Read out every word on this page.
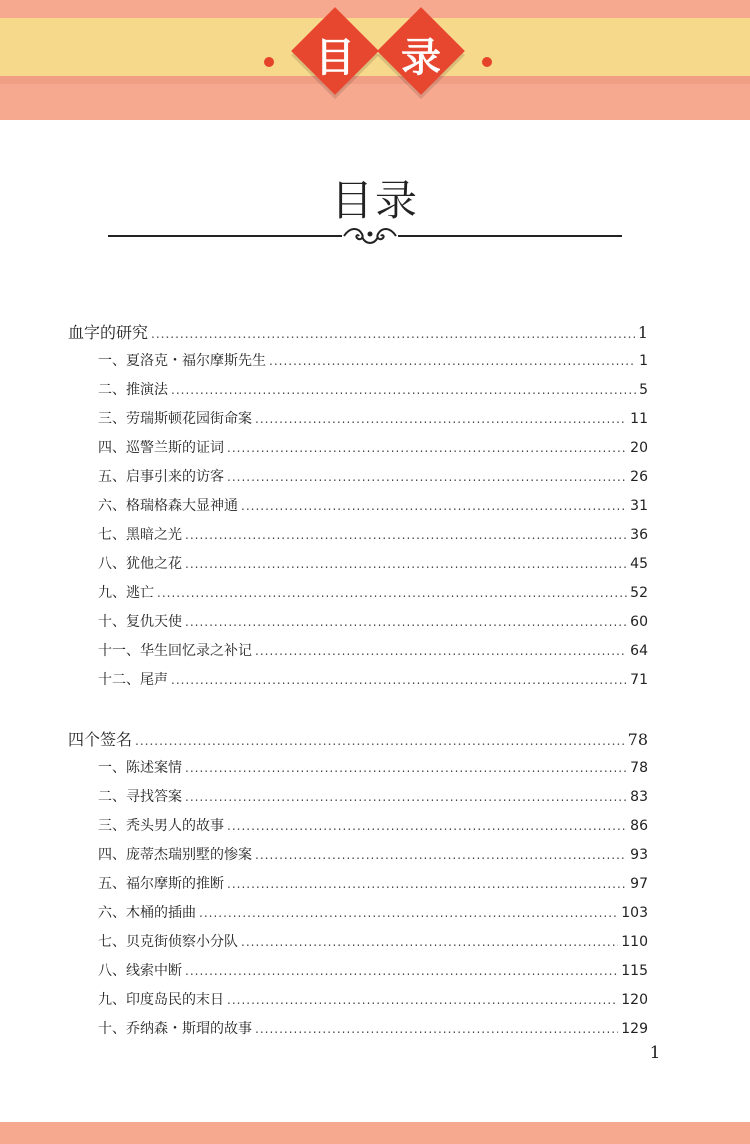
目	录
目录
血字的研究 .....	1
一、夏洛克・福尔摩斯先生 .....	1
二、推演法 .....	5
三、劳瑞斯顿花园街命案 .....	11
四、巡警兰斯的证词 .....	20
五、启事引来的访客 .....	26
六、格瑞格森大显神通 .....	31
七、黑暗之光 .....	36
八、犹他之花 .....	45
九、逃亡 .....	52
十、复仇天使 .....	60
十一、华生回忆录之补记 .....	64
十二、尾声 .....	71
四个签名 .....	78
一、陈述案情 .....	78
二、寻找答案 .....	83
三、秃头男人的故事 .....	86
四、庞蒂杰瑞别墅的惨案 .....	93
五、福尔摩斯的推断 .....	97
六、木桶的插曲 .....	103
七、贝克街侦察小分队 .....	110
八、线索中断 .....	115
九、印度岛民的末日 .....	120
十、乔纳森・斯瑁的故事 .....	129
1
